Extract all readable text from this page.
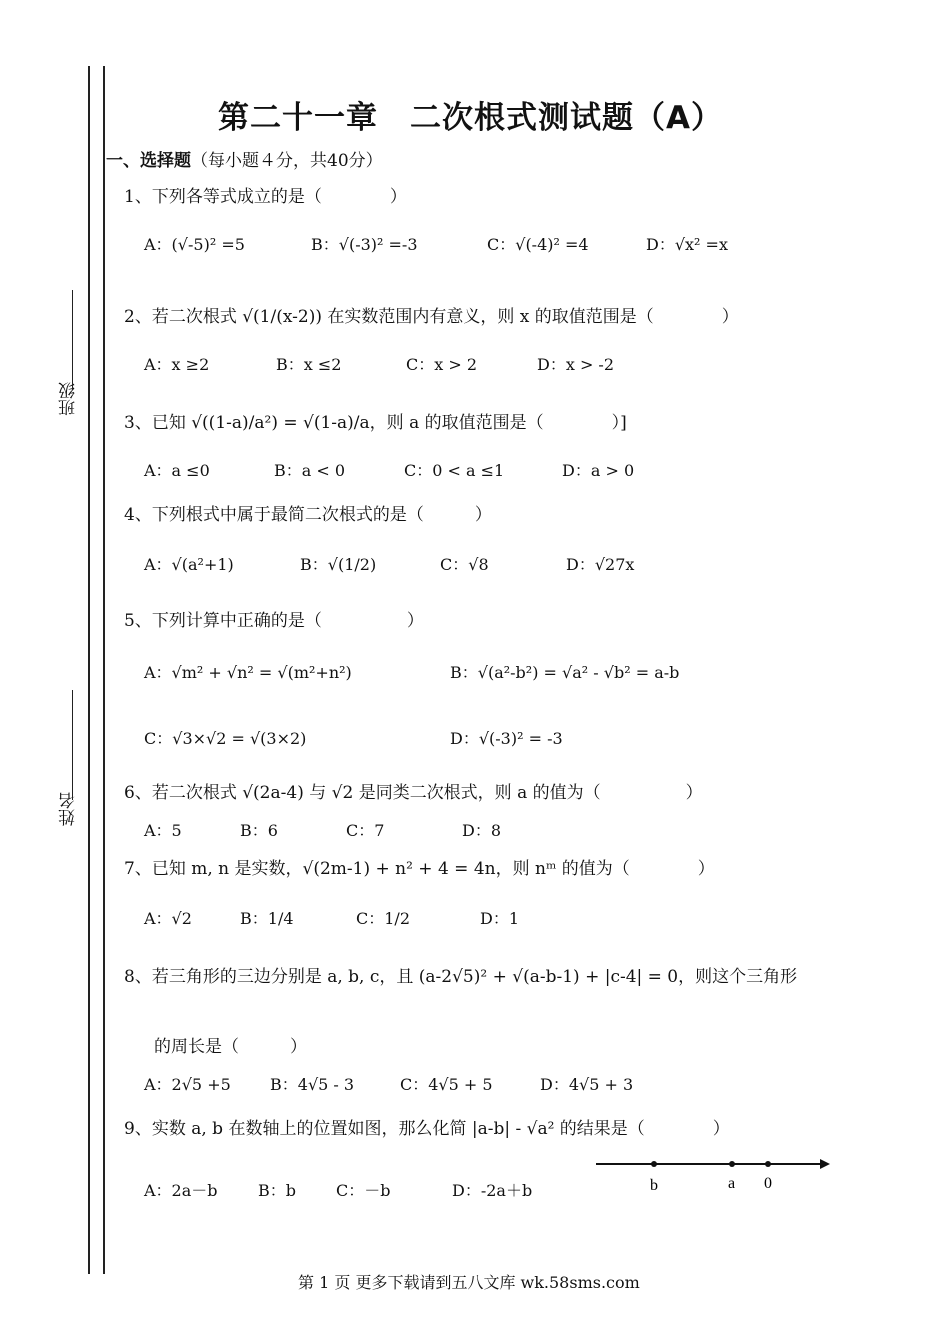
班级
姓名
第二十一章　二次根式测试题（A）
一、选择题（每小题４分，共40分）
1、下列各等式成立的是（　　　　）
A：(√-5)² =5	B：√(-3)² =-3	C：√(-4)² =4	D：√x² =x
2、若二次根式 √(1/(x-2)) 在实数范围内有意义，则 x 的取值范围是（　　　　）
A：x ≥2	B：x ≤2	C：x > 2	D：x > -2
3、已知 √((1-a)/a²) = √(1-a)/a，则 a 的取值范围是（　　　　）]
A：a ≤0	B：a < 0	C：0 < a ≤1	D：a > 0
4、下列根式中属于最简二次根式的是（　　　）
A：√(a²+1)	B：√(1/2)	C：√8	D：√27x
5、下列计算中正确的是（　　　　　）
A：√m² + √n² = √(m²+n²)	B：√(a²-b²) = √a² - √b² = a-b
C：√3×√2 = √(3×2)	D：√(-3)² = -3
6、若二次根式 √(2a-4) 与 √2 是同类二次根式，则 a 的值为（　　　　　）
A：5	B：6	C：7	D：8
7、已知 m, n 是实数，√(2m-1) + n² + 4 = 4n，则 nᵐ 的值为（　　　　）
A：√2	B：1/4	C：1/2	D：1
8、若三角形的三边分别是 a, b, c，且 (a-2√5)² + √(a-b-1) + |c-4| = 0，则这个三角形
的周长是（　　　）
A：2√5 +5 B：4√5 - 3	C：4√5 + 5	D：4√5 + 3
9、实数 a, b 在数轴上的位置如图，那么化简 |a-b| - √a² 的结果是（　　　　）
A：2a－b	B：b C：－b	D：-2a＋b	b	a 0
第 1 页 更多下载请到五八文库 wk.58sms.com
